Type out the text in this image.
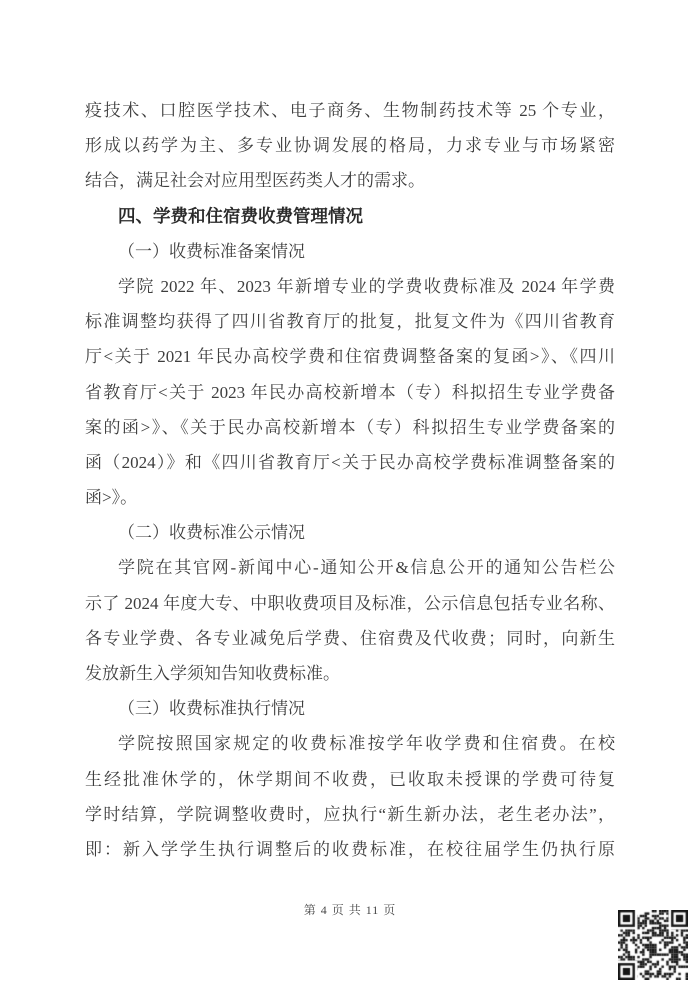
疫技术、口腔医学技术、电子商务、生物制药技术等 25 个专业，
形成以药学为主、多专业协调发展的格局，力求专业与市场紧密
结合，满足社会对应用型医药类人才的需求。
四、学费和住宿费收费管理情况
（一）收费标准备案情况
学院 2022 年、2023 年新增专业的学费收费标准及 2024 年学费
标准调整均获得了四川省教育厅的批复，批复文件为《四川省教育
厅<关于 2021 年民办高校学费和住宿费调整备案的复函>》、《四川
省教育厅<关于 2023 年民办高校新增本（专）科拟招生专业学费备
案的函>》、《关于民办高校新增本（专）科拟招生专业学费备案的
函（2024）》和《四川省教育厅<关于民办高校学费标准调整备案的
函>》。
（二）收费标准公示情况
学院在其官网-新闻中心-通知公开&信息公开的通知公告栏公
示了 2024 年度大专、中职收费项目及标准，公示信息包括专业名称、
各专业学费、各专业减免后学费、住宿费及代收费；同时，向新生
发放新生入学须知告知收费标准。
（三）收费标准执行情况
学院按照国家规定的收费标准按学年收学费和住宿费。在校
生经批准休学的，休学期间不收费，已收取未授课的学费可待复
学时结算，学院调整收费时，应执行“新生新办法，老生老办法”，
即：新入学学生执行调整后的收费标准，在校往届学生仍执行原
第 4 页 共 11 页
